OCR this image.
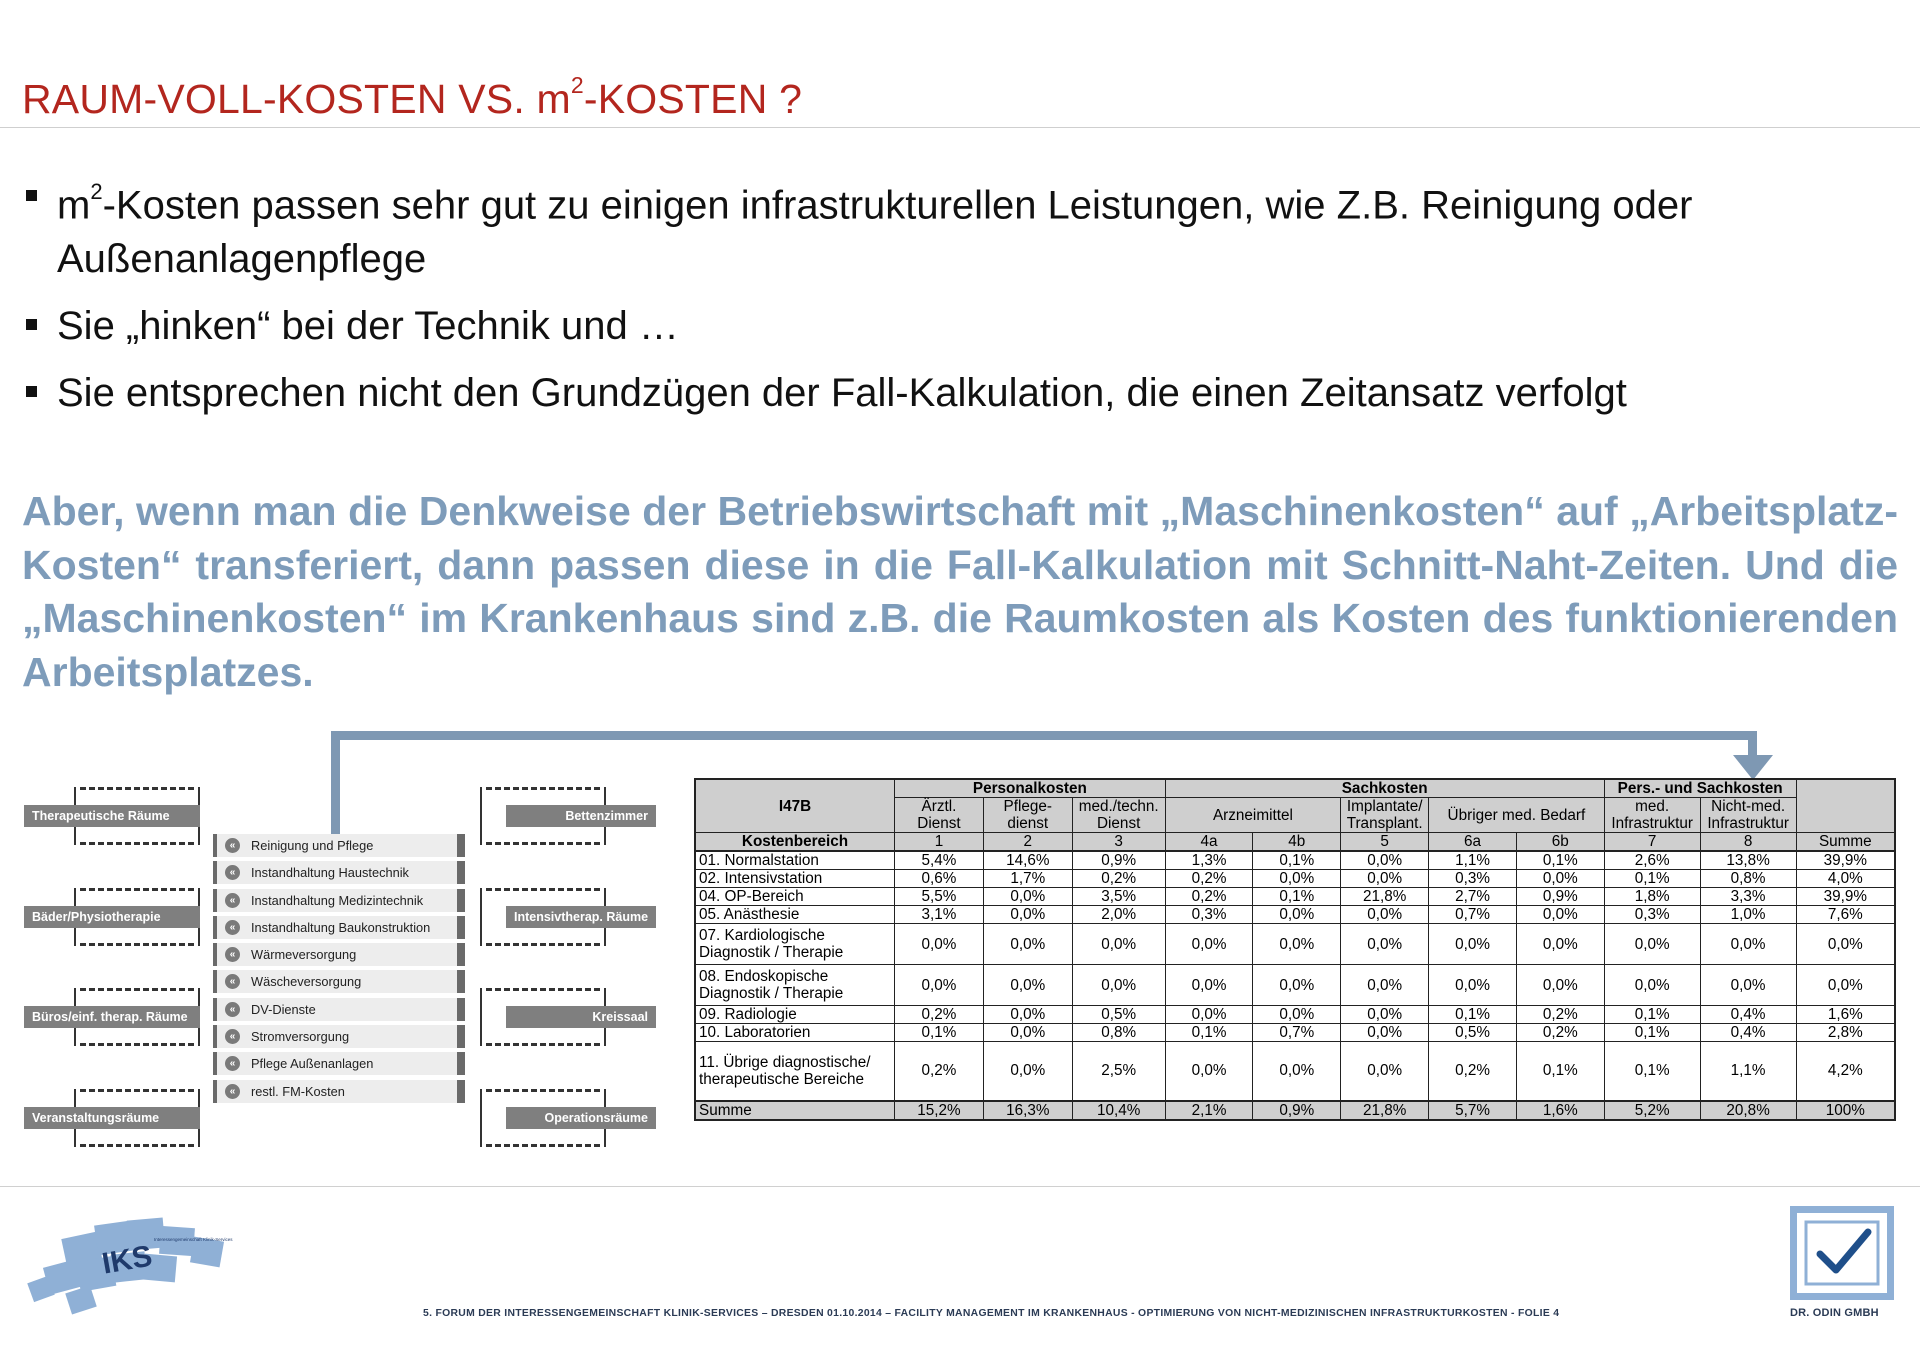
RAUM-VOLL-KOSTEN VS. $m^2$-KOSTEN ?
$m^2$-Kosten passen sehr gut zu einigen infrastrukturellen Leistungen, wie Z.B. Reinigung oder Außenanlagenpflege
Sie „hinken“ bei der Technik und …
Sie entsprechen nicht den Grundzügen der Fall-Kalkulation, die einen Zeitansatz verfolgt
Aber, wenn man die Denkweise der Betriebswirtschaft mit „Maschinenkosten“ auf „Arbeitsplatz-Kosten“ transferiert, dann passen diese in die Fall-Kalkulation mit Schnitt-Naht-Zeiten. Und die „Maschinenkosten“ im Krankenhaus sind z.B. die Raumkosten als Kosten des funktionierenden Arbeitsplatzes.
Therapeutische Räume
Bäder/Physiotherapie
Büros/einf. therap. Räume
Veranstaltungsräume
Bettenzimmer
Intensivtherap. Räume
Kreissaal
Operationsräume
«	Reinigung und Pflege
«	Instandhaltung Haustechnik
«	Instandhaltung Medizintechnik
«	Instandhaltung Baukonstruktion
«	Wärmeversorgung
«	Wäscheversorgung
«	DV-Dienste
«	Stromversorgung
«	Pflege Außenanlagen
«	restl. FM-Kosten
I47B	Personalkosten			Sachkosten					Pers.- und Sachkosten		
	Ärztl. Dienst	Pflege-dienst	med./techn. Dienst	Arzneimittel		Implantate/ Transplant.	Übriger med. Bedarf		med. Infrastruktur	Nicht-med. Infrastruktur	
Kostenbereich	1	2	3	4a	4b	5	6a	6b	7	8	Summe
01. Normalstation	5,4%	14,6%	0,9%	1,3%	0,1%	0,0%	1,1%	0,1%	2,6%	13,8%	39,9%
02. Intensivstation	0,6%	1,7%	0,2%	0,2%	0,0%	0,0%	0,3%	0,0%	0,1%	0,8%	4,0%
04. OP-Bereich	5,5%	0,0%	3,5%	0,2%	0,1%	21,8%	2,7%	0,9%	1,8%	3,3%	39,9%
05. Anästhesie	3,1%	0,0%	2,0%	0,3%	0,0%	0,0%	0,7%	0,0%	0,3%	1,0%	7,6%
07. Kardiologische Diagnostik / Therapie	0,0%	0,0%	0,0%	0,0%	0,0%	0,0%	0,0%	0,0%	0,0%	0,0%	0,0%
08. Endoskopische Diagnostik / Therapie	0,0%	0,0%	0,0%	0,0%	0,0%	0,0%	0,0%	0,0%	0,0%	0,0%	0,0%
09. Radiologie	0,2%	0,0%	0,5%	0,0%	0,0%	0,0%	0,1%	0,2%	0,1%	0,4%	1,6%
10. Laboratorien	0,1%	0,0%	0,8%	0,1%	0,7%	0,0%	0,5%	0,2%	0,1%	0,4%	2,8%
11. Übrige diagnostische/ therapeutische Bereiche	0,2%	0,0%	2,5%	0,0%	0,0%	0,0%	0,2%	0,1%	0,1%	1,1%	4,2%
Summe	15,2%	16,3%	10,4%	2,1%	0,9%	21,8%	5,7%	1,6%	5,2%	20,8%	100%
IKS Interessengemeinschaft Klinik-Services
DR. ODIN GMBH
5. FORUM DER INTERESSENGEMEINSCHAFT KLINIK-SERVICES – DRESDEN 01.10.2014 – FACILITY MANAGEMENT IM KRANKENHAUS - OPTIMIERUNG VON NICHT-MEDIZINISCHEN INFRASTRUKTURKOSTEN - FOLIE 4
